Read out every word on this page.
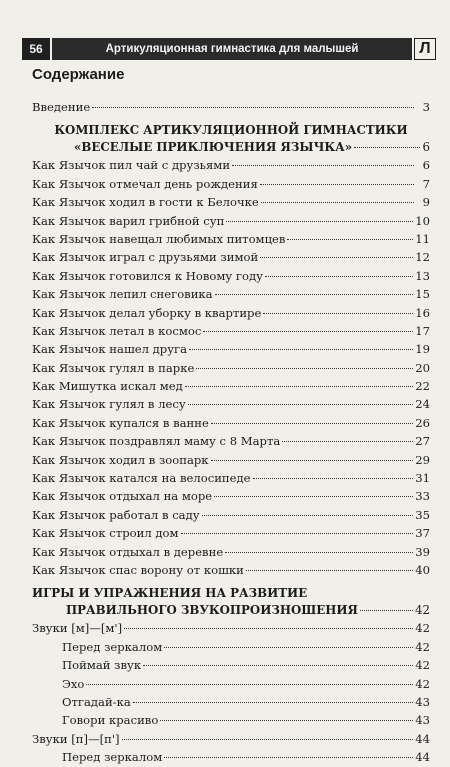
56	Артикуляционная гимнастика для малышей	Л
Содержание
Введение	3
КОМПЛЕКС АРТИКУЛЯЦИОННОЙ ГИМНАСТИКИ
«ВЕСЕЛЫЕ ПРИКЛЮЧЕНИЯ ЯЗЫЧКА»	6
Как Язычок пил чай с друзьями	6
Как Язычок отмечал день рождения	7
Как Язычок ходил в гости к Белочке	9
Как Язычок варил грибной суп	10
Как Язычок навещал любимых питомцев	11
Как Язычок играл с друзьями зимой	12
Как Язычок готовился к Новому году	13
Как Язычок лепил снеговика	15
Как Язычок делал уборку в квартире	16
Как Язычок летал в космос	17
Как Язычок нашел друга	19
Как Язычок гулял в парке	20
Как Мишутка искал мед	22
Как Язычок гулял в лесу	24
Как Язычок купался в ванне	26
Как Язычок поздравлял маму с 8 Марта	27
Как Язычок ходил в зоопарк	29
Как Язычок катался на велосипеде	31
Как Язычок отдыхал на море	33
Как Язычок работал в саду	35
Как Язычок строил дом	37
Как Язычок отдыхал в деревне	39
Как Язычок спас ворону от кошки	40
ИГРЫ И УПРАЖНЕНИЯ НА РАЗВИТИЕ
ПРАВИЛЬНОГО ЗВУКОПРОИЗНОШЕНИЯ	42
Звуки [м]—[м']	42
Перед зеркалом	42
Поймай звук	42
Эхо	42
Отгадай-ка	43
Говори красиво	43
Звуки [п]—[п']	44
Перед зеркалом	44
